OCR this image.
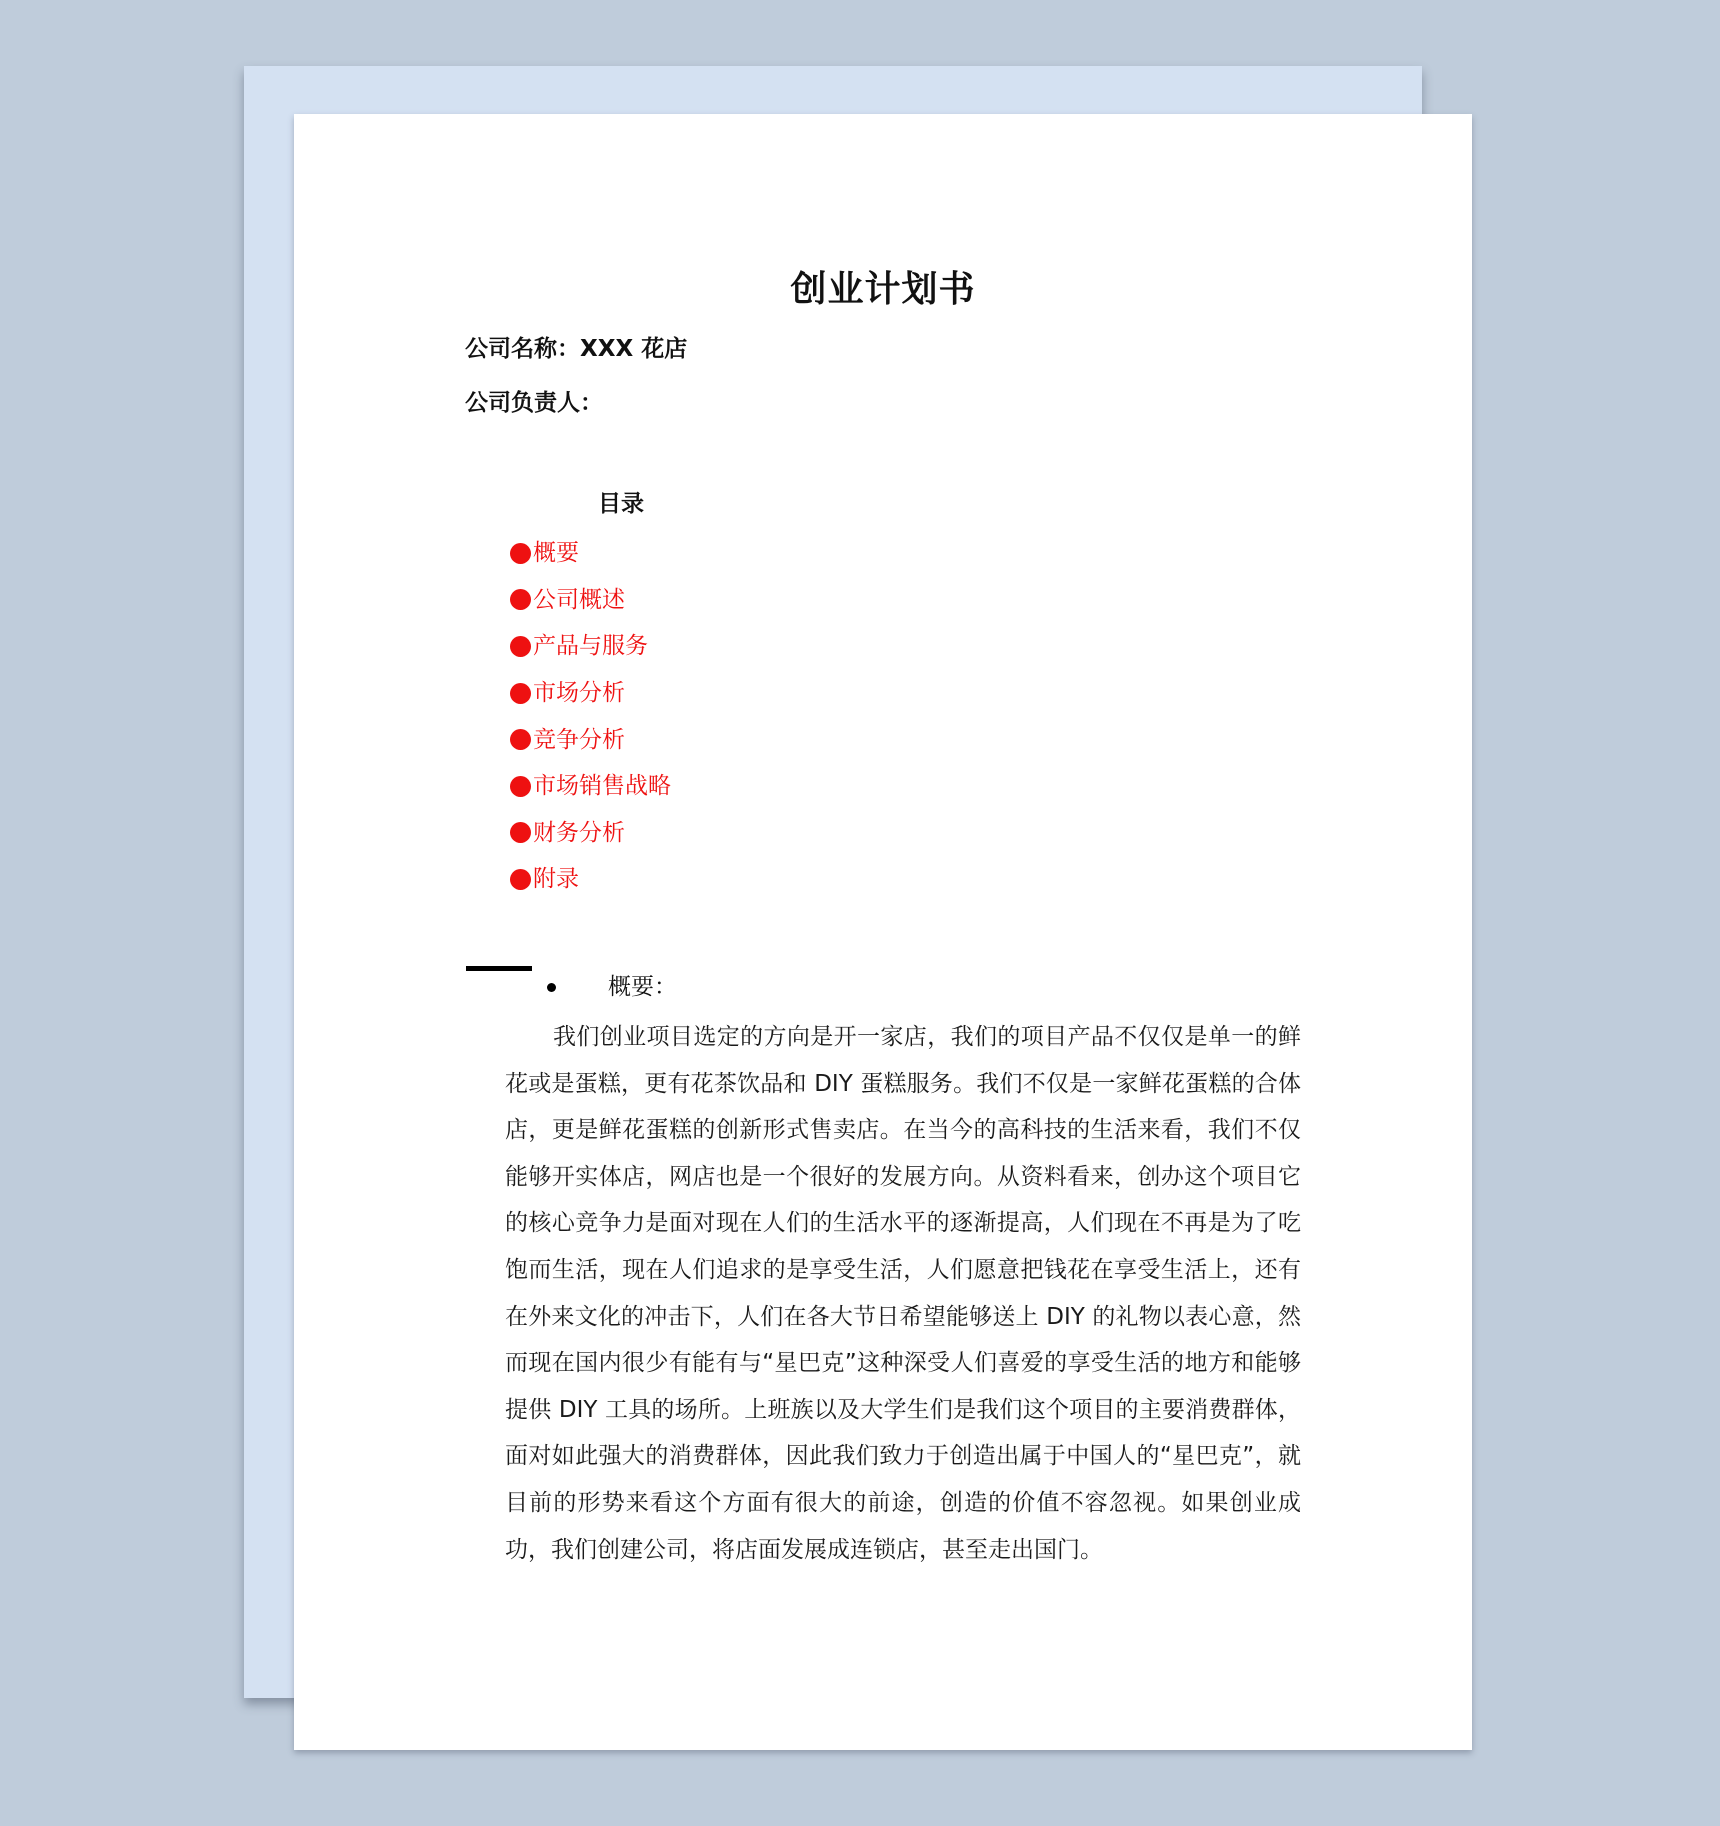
创业计划书
公司名称：XXX 花店
公司负责人：
目录
概要
公司概述
产品与服务
市场分析
竞争分析
市场销售战略
财务分析
附录
概要：

我们创业项目选定的方向是开一家店，我们的项目产品不仅仅是单一的鲜花或是蛋糕，更有花茶饮品和 DIY 蛋糕服务。我们不仅是一家鲜花蛋糕的合体店，更是鲜花蛋糕的创新形式售卖店。在当今的高科技的生活来看，我们不仅能够开实体店，网店也是一个很好的发展方向。从资料看来，创办这个项目它的核心竞争力是面对现在人们的生活水平的逐渐提高，人们现在不再是为了吃饱而生活，现在人们追求的是享受生活，人们愿意把钱花在享受生活上，还有在外来文化的冲击下，人们在各大节日希望能够送上 DIY 的礼物以表心意，然而现在国内很少有能有与“星巴克”这种深受人们喜爱的享受生活的地方和能够提供 DIY 工具的场所。上班族以及大学生们是我们这个项目的主要消费群体，面对如此强大的消费群体，因此我们致力于创造出属于中国人的“星巴克”，就目前的形势来看这个方面有很大的前途，创造的价值不容忽视。如果创业成功，我们创建公司，将店面发展成连锁店，甚至走出国门。
